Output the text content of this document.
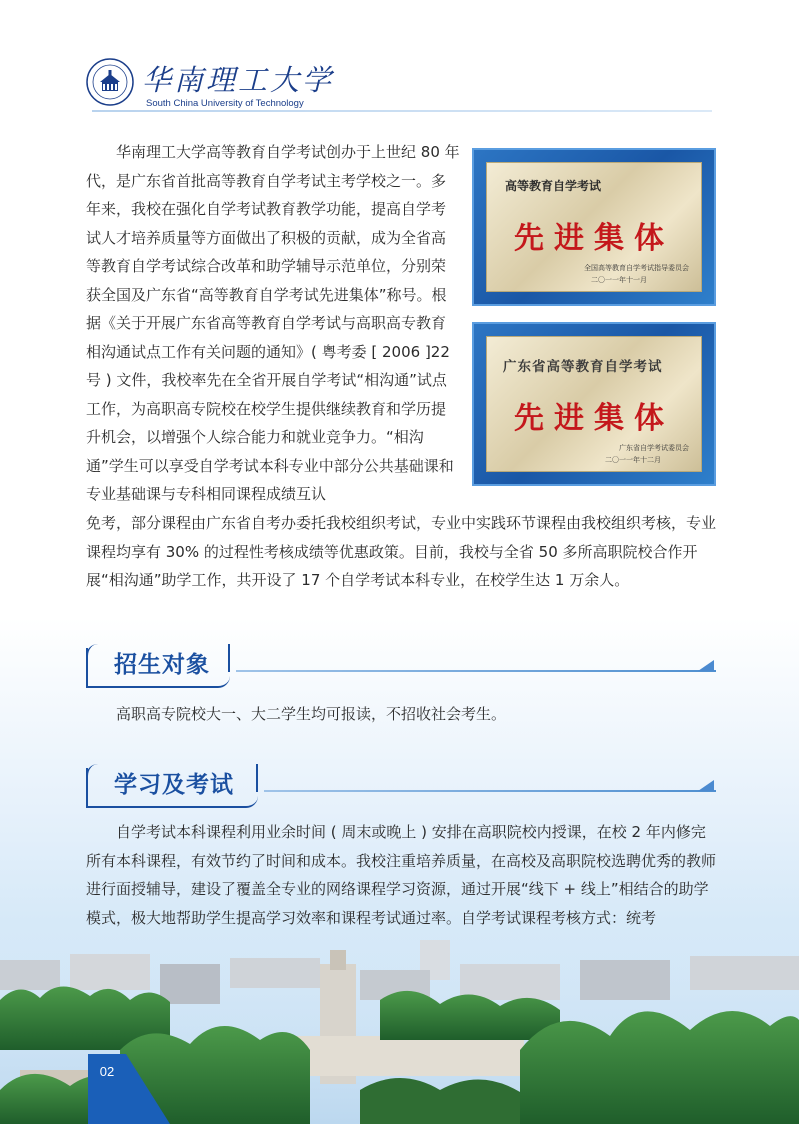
华南理工大学
South China University of Technology

华南理工大学高等教育自学考试创办于上世纪 80 年代，是广东省首批高等教育自学考试主考学校之一。多年来，我校在强化自学考试教育教学功能，提高自学考试人才培养质量等方面做出了积极的贡献，成为全省高等教育自学考试综合改革和助学辅导示范单位，分别荣获全国及广东省“高等教育自学考试先进集体”称号。根据《关于开展广东省高等教育自学考试与高职高专教育相沟通试点工作有关问题的通知》( 粤考委 [ 2006 ]22 号 ) 文件，我校率先在全省开展自学考试“相沟通”试点工作，为高职高专院校在校学生提供继续教育和学历提升机会，以增强个人综合能力和就业竞争力。“相沟通”学生可以享受自学考试本科专业中部分公共基础课和专业基础课与专科相同课程成绩互认

免考，部分课程由广东省自考办委托我校组织考试，专业中实践环节课程由我校组织考核，专业课程均享有 30% 的过程性考核成绩等优惠政策。目前，我校与全省 50 多所高职院校合作开展“相沟通”助学工作，共开设了 17 个自学考试本科专业，在校学生达 1 万余人。

高等教育自学考试
先进集体
全国高等教育自学考试指导委员会
二〇一一年十一月
广东省高等教育自学考试
先进集体
广东省自学考试委员会
二〇一一年十二月
招生对象

高职高专院校大一、大二学生均可报读，不招收社会考生。

学习及考试

自学考试本科课程利用业余时间 ( 周末或晚上 ) 安排在高职院校内授课，在校 2 年内修完所有本科课程，有效节约了时间和成本。我校注重培养质量，在高校及高职院校选聘优秀的教师进行面授辅导，建设了覆盖全专业的网络课程学习资源，通过开展“线下 + 线上”相结合的助学模式，极大地帮助学生提高学习效率和课程考试通过率。自学考试课程考核方式：统考

02
